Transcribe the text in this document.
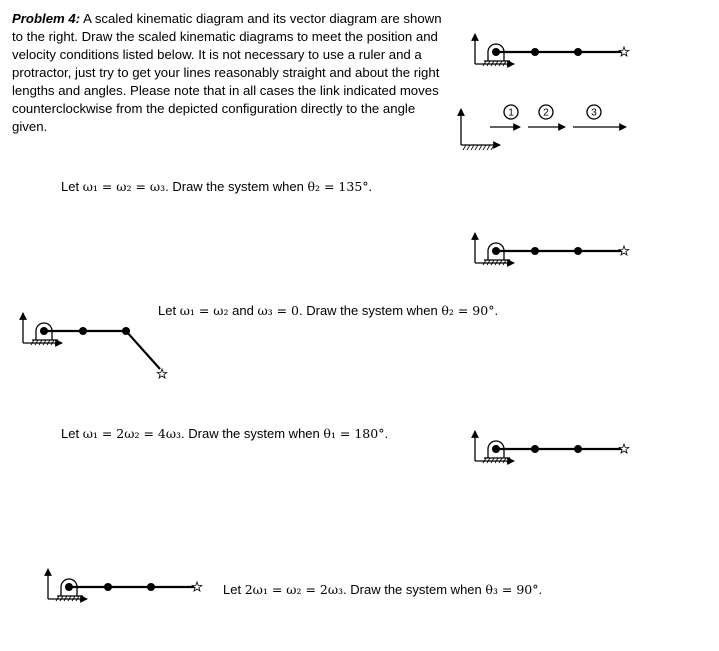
Problem 4: A scaled kinematic diagram and its vector diagram are shown to the right. Draw the scaled kinematic diagrams to meet the position and velocity conditions listed below. It is not necessary to use a ruler and a protractor, just try to get your lines reasonably straight and about the right lengths and angles. Please note that in all cases the link indicated moves counterclockwise from the depicted configuration directly to the angle given.

Let ω₁ = ω₂ = ω₃. Draw the system when θ₂ = 135°.

Let ω₁ = ω₂ and ω₃ = 0. Draw the system when θ₂ = 90°.

Let ω₁ = 2ω₂ = 4ω₃. Draw the system when θ₁ = 180°.

Let 2ω₁ = ω₂ = 2ω₃. Draw the system when θ₃ = 90°.

1	2	3
